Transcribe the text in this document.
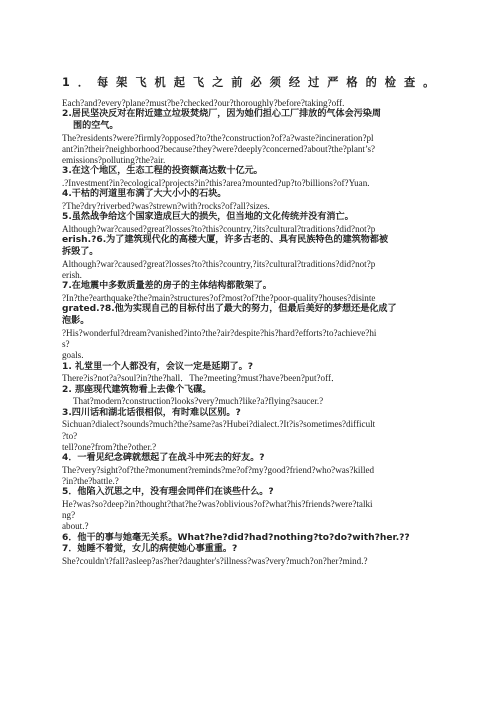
1．每架飞机起飞之前必须经过严格的检查。

Each?and?every?plane?must?be?checked?our?thoroughly?before?taking?off.

2.居民坚决反对在附近建立垃圾焚烧厂，因为她们担心工厂排放的气体会污染周

围的空气。

The?residents?were?firmly?opposed?to?the?construction?of?a?waste?incineration?pl

ant?in?their?neighborhood?because?they?were?deeply?concerned?about?the?plant’s?

emissions?polluting?the?air.

3.在这个地区，生态工程的投资额高达数十亿元。

.?Investment?in?ecological?projects?in?this?area?mounted?up?to?billions?of?Yuan.

4.干枯的河道里布满了大大小小的石块。

?The?dry?riverbed?was?strewn?with?rocks?of?all?sizes.

5.虽然战争给这个国家造成巨大的损失，但当地的文化传统并没有消亡。

Although?war?caused?great?losses?to?this?country,?its?cultural?traditions?did?not?p

erish.?6.为了建筑现代化的高楼大厦，许多古老的、具有民族特色的建筑物都被

拆毁了。

Although?war?caused?great?losses?to?this?country,?its?cultural?traditions?did?not?p

erish.

7.在地震中多数质量差的房子的主体结构都散架了。

?In?the?earthquake?the?main?structures?of?most?of?the?poor-quality?houses?disinte

grated.?8.他为实现自己的目标付出了最大的努力，但最后美好的梦想还是化成了

泡影。

?His?wonderful?dream?vanished?into?the?air?despite?his?hard?efforts?to?achieve?hi

s?

goals.

1. 礼堂里一个人都没有，会议一定是延期了。?

There?is?not?a?soul?in?the?hall．The?meeting?must?have?been?put?off．

2. 那座现代建筑物看上去像个飞碟。

That?modern?construction?looks?very?much?like?a?flying?saucer.?

3.四川话和湖北话很相似，有时难以区别。?

Sichuan?dialect?sounds?much?the?same?as?Hubei?dialect.?It?is?sometimes?difficult

?to?

tell?one?from?the?other.?

4．一看见纪念碑就想起了在战斗中死去的好友。?

The?very?sight?of?the?monument?reminds?me?of?my?good?friend?who?was?killed

?in?the?battle.?

5．他陷入沉思之中，没有理会同伴们在谈些什么。?

He?was?so?deep?in?thought?that?he?was?oblivious?of?what?his?friends?were?talki

ng?

about.?

6．他干的事与她毫无关系。What?he?did?had?nothing?to?do?with?her.??

7．她睡不着觉，女儿的病使她心事重重。?

She?couldn't?fall?asleep?as?her?daughter's?illness?was?very?much?on?her?mind.?
